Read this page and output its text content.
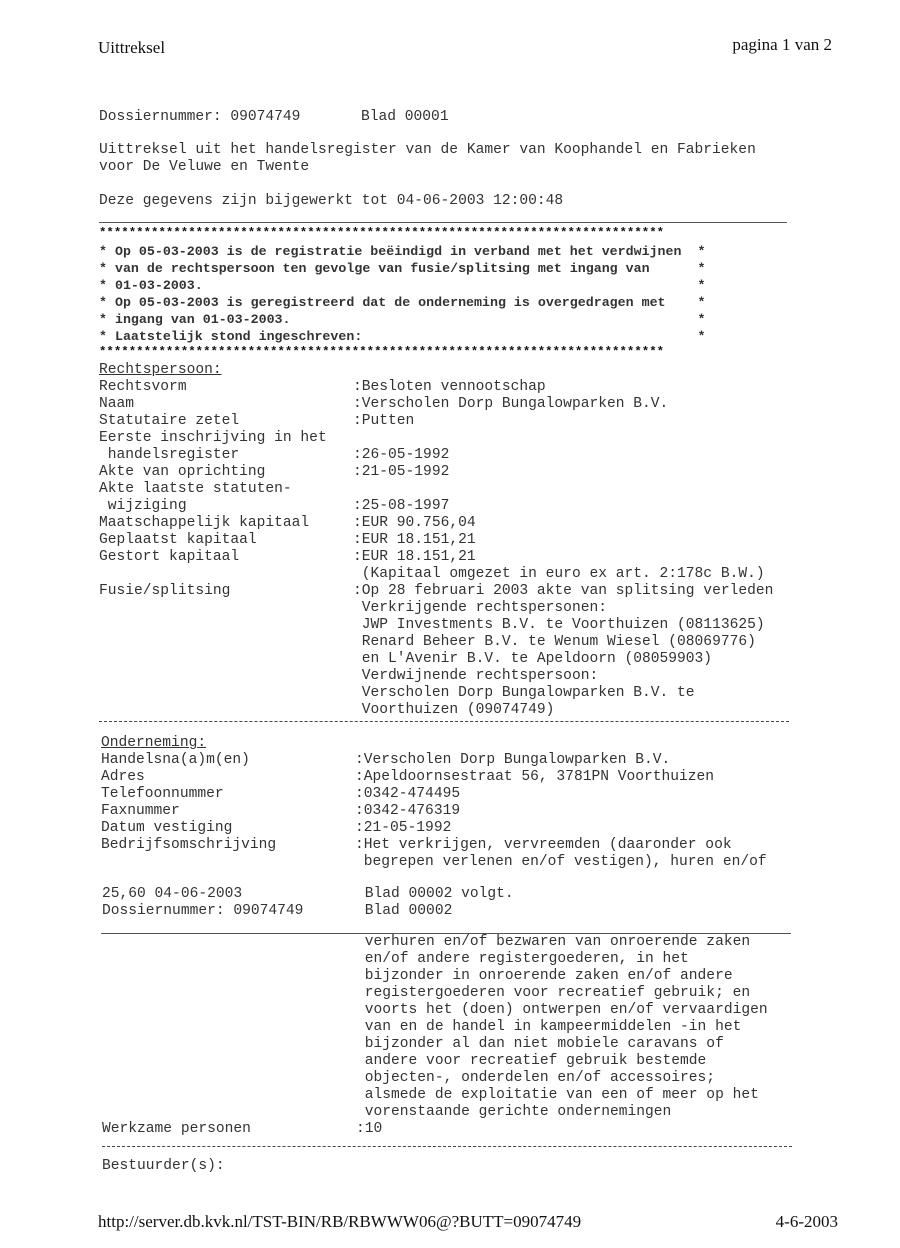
Uittreksel	pagina 1 van 2
Dossiernummer: 09074749	Blad 00001
Uittreksel uit het handelsregister van de Kamer van Koophandel en Fabrieken
voor De Veluwe en Twente
Deze gegevens zijn bijgewerkt tot 04-06-2003 12:00:48
****************************************************************************
* Op 05-03-2003 is de registratie beëindigd in verband met het verdwijnen  *
* van de rechtspersoon ten gevolge van fusie/splitsing met ingang van      *
* 01-03-2003.                                                              *
* Op 05-03-2003 is geregistreerd dat de onderneming is overgedragen met    *
* ingang van 01-03-2003.                                                   *
* Laatstelijk stond ingeschreven:                                          *
****************************************************************************
Rechtspersoon:
Rechtsvorm	:Besloten vennootschap
Naam	:Verscholen Dorp Bungalowparken B.V.
Statutaire zetel	:Putten
Eerste inschrijving in het
handelsregister	:26-05-1992
Akte van oprichting	:21-05-1992
Akte laatste statuten-
wijziging	:25-08-1997
Maatschappelijk kapitaal	:EUR 90.756,04
Geplaatst kapitaal	:EUR 18.151,21
Gestort kapitaal	:EUR 18.151,21
(Kapitaal omgezet in euro ex art. 2:178c B.W.)
Fusie/splitsing	:Op 28 februari 2003 akte van splitsing verleden
Verkrijgende rechtspersonen:
JWP Investments B.V. te Voorthuizen (08113625)
Renard Beheer B.V. te Wenum Wiesel (08069776)
en L'Avenir B.V. te Apeldoorn (08059903)
Verdwijnende rechtspersoon:
Verscholen Dorp Bungalowparken B.V. te
Voorthuizen (09074749)
Onderneming:
Handelsna(a)m(en)	:Verscholen Dorp Bungalowparken B.V.
Adres	:Apeldoornsestraat 56, 3781PN Voorthuizen
Telefoonnummer	:0342-474495
Faxnummer	:0342-476319
Datum vestiging	:21-05-1992
Bedrijfsomschrijving	:Het verkrijgen, vervreemden (daaronder ook
begrepen verlenen en/of vestigen), huren en/of
25,60 04-06-2003	Blad 00002 volgt.
Dossiernummer: 09074749	Blad 00002
verhuren en/of bezwaren van onroerende zaken
en/of andere registergoederen, in het
bijzonder in onroerende zaken en/of andere
registergoederen voor recreatief gebruik; en
voorts het (doen) ontwerpen en/of vervaardigen
van en de handel in kampeermiddelen -in het
bijzonder al dan niet mobiele caravans of
andere voor recreatief gebruik bestemde
objecten-, onderdelen en/of accessoires;
alsmede de exploitatie van een of meer op het
vorenstaande gerichte ondernemingen
Werkzame personen	:10
Bestuurder(s):
http://server.db.kvk.nl/TST-BIN/RB/RBWWW06@?BUTT=09074749	4-6-2003
